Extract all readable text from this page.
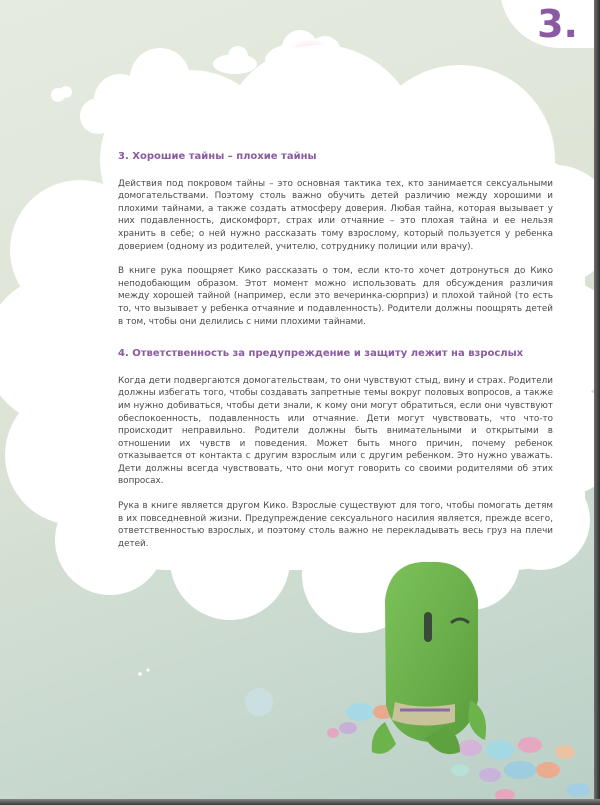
3.
3. Хорошие тайны – плохие тайны

Действия под покровом тайны – это основная тактика тех, кто занимается сексуальными домогательствами. Поэтому столь важно обучить детей различию между хорошими и плохими тайнами, а также создать атмосферу доверия. Любая тайна, которая вызывает у них подавленность, дискомфорт, страх или отчаяние – это плохая тайна и ее нельзя хранить в себе; о ней нужно рассказать тому взрослому, который пользуется у ребенка доверием (одному из родителей, учителю, сотруднику полиции или врачу).

В книге рука поощряет Кико рассказать о том, если кто-то хочет дотронуться до Кико неподобающим образом. Этот момент можно использовать для обсуждения различия между хорошей тайной (например, если это вечеринка-сюрприз) и плохой тайной (то есть то, что вызывает у ребенка отчаяние и подавленность). Родители должны поощрять детей в том, чтобы они делились с ними плохими тайнами.

4. Ответственность за предупреждение и защиту лежит на взрослых

Когда дети подвергаются домогательствам, то они чувствуют стыд, вину и страх. Родители должны избегать того, чтобы создавать запретные темы вокруг половых вопросов, а также им нужно добиваться, чтобы дети знали, к кому они могут обратиться, если они чувствуют обеспокоенность, подавленность или отчаяние. Дети могут чувствовать, что что-то происходит неправильно. Родители должны быть внимательными и открытыми в отношении их чувств и поведения. Может быть много причин, почему ребенок отказывается от контакта с другим взрослым или с другим ребенком. Это нужно уважать. Дети должны всегда чувствовать, что они могут говорить со своими родителями об этих вопросах.

Рука в книге является другом Кико. Взрослые существуют для того, чтобы помогать детям в их повседневной жизни. Предупреждение сексуального насилия является, прежде всего, ответственностью взрослых, и поэтому столь важно не перекладывать весь груз на плечи детей.
